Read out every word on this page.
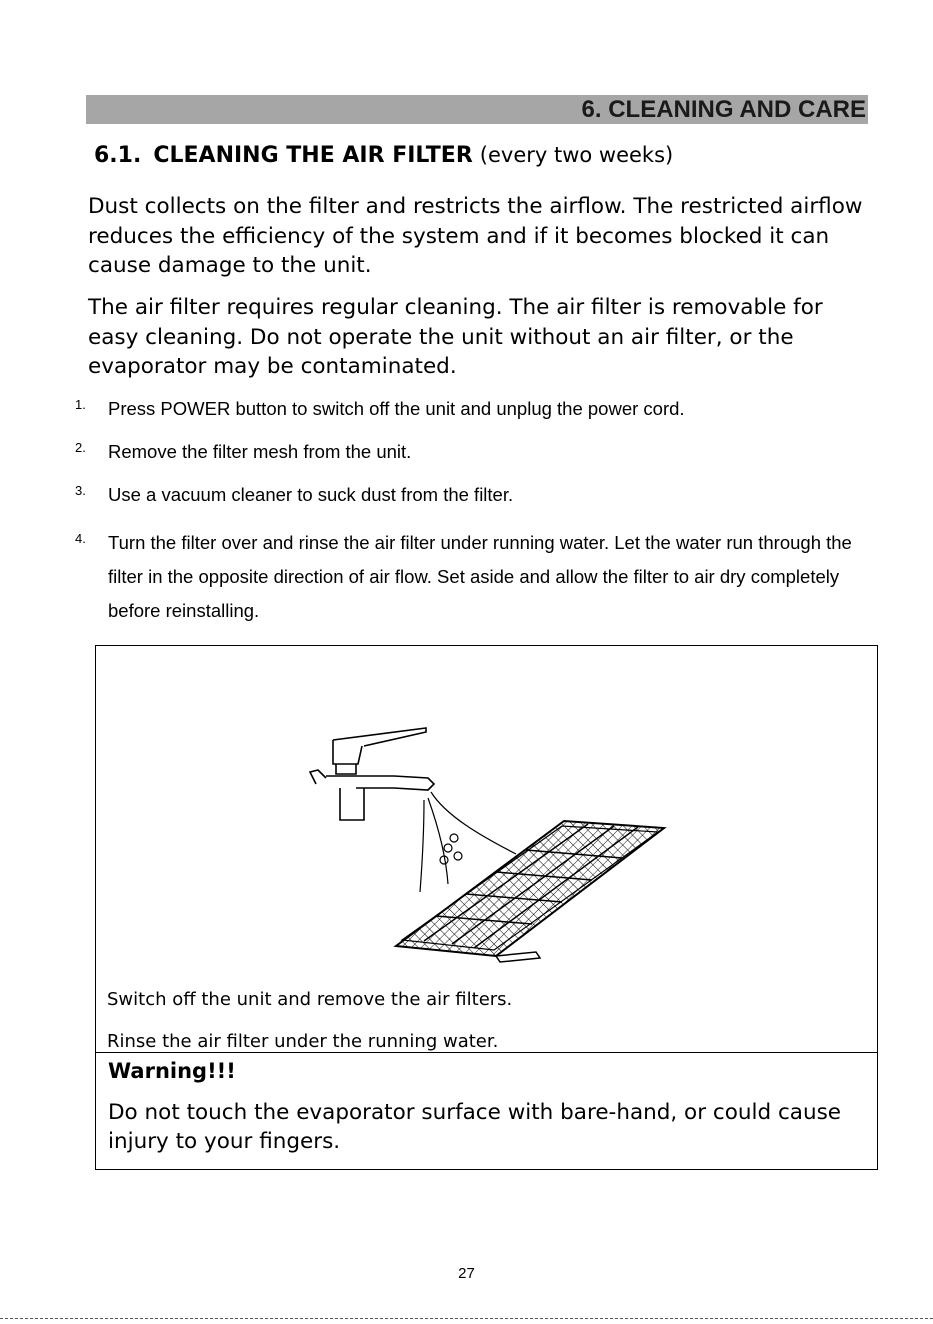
6. CLEANING AND CARE
6.1. CLEANING THE AIR FILTER (every two weeks)

Dust collects on the filter and restricts the airflow. The restricted airflow reduces the efficiency of the system and if it becomes blocked it can cause damage to the unit.

The air filter requires regular cleaning. The air filter is removable for easy cleaning. Do not operate the unit without an air filter, or the evaporator may be contaminated.

1. Press POWER button to switch off the unit and unplug the power cord.
2. Remove the filter mesh from the unit.
3. Use a vacuum cleaner to suck dust from the filter.
4. Turn the filter over and rinse the air filter under running water. Let the water run through the filter in the opposite direction of air flow. Set aside and allow the filter to air dry completely before reinstalling.
Switch off the unit and remove the air filters.
Rinse the air filter under the running water.
Warning!!!

Do not touch the evaporator surface with bare-hand, or could cause injury to your fingers.

27
